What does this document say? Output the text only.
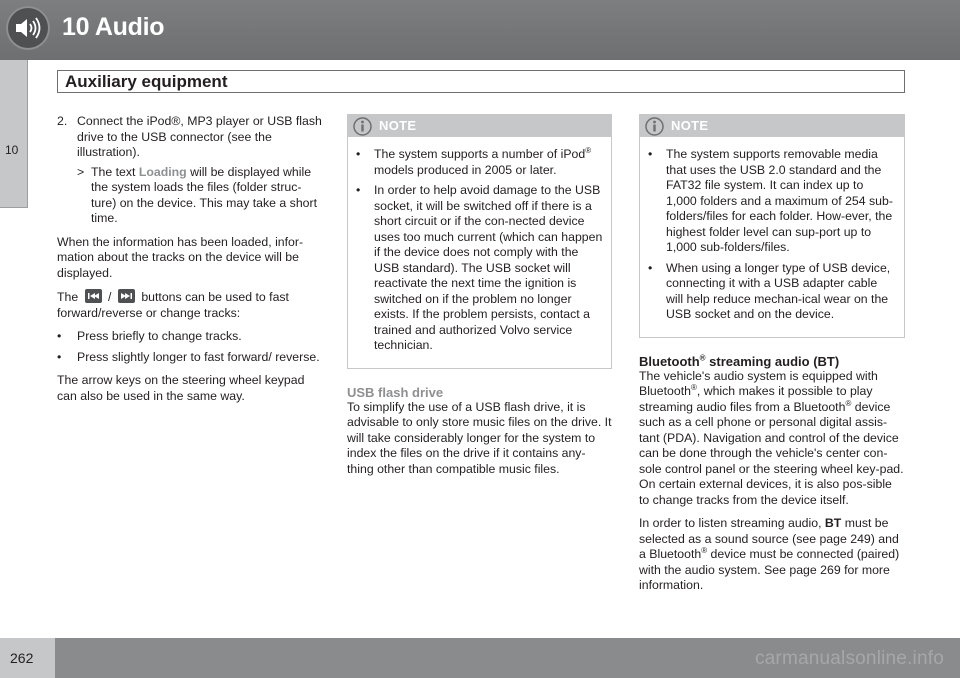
10 Audio
Auxiliary equipment
10
2. Connect the iPod®, MP3 player or USB flash drive to the USB connector (see the illustration).
> The text Loading will be displayed while the system loads the files (folder struc-ture) on the device. This may take a short time.

When the information has been loaded, infor-mation about the tracks on the device will be displayed.

The / buttons can be used to fast forward/reverse or change tracks:

•	Press briefly to change tracks.
•	Press slightly longer to fast forward/ reverse.

The arrow keys on the steering wheel keypad can also be used in the same way.

NOTE
•	The system supports a number of iPod® models produced in 2005 or later.
•	In order to help avoid damage to the USB socket, it will be switched off if there is a short circuit or if the con-nected device uses too much current (which can happen if the device does not comply with the USB standard). The USB socket will reactivate the next time the ignition is switched on if the problem no longer exists. If the problem persists, contact a trained and authorized Volvo service technician.
USB flash drive

To simplify the use of a USB flash drive, it is advisable to only store music files on the drive. It will take considerably longer for the system to index the files on the drive if it contains any-thing other than compatible music files.

NOTE
•	The system supports removable media that uses the USB 2.0 standard and the FAT32 file system. It can index up to 1,000 folders and a maximum of 254 sub-folders/files for each folder. How-ever, the highest folder level can sup-port up to 1,000 sub-folders/files.
•	When using a longer type of USB device, connecting it with a USB adapter cable will help reduce mechan-ical wear on the USB socket and on the device.
Bluetooth® streaming audio (BT)

The vehicle's audio system is equipped with Bluetooth®, which makes it possible to play streaming audio files from a Bluetooth® device such as a cell phone or personal digital assis-tant (PDA). Navigation and control of the device can be done through the vehicle's center con-sole control panel or the steering wheel key-pad. On certain external devices, it is also pos-sible to change tracks from the device itself.

In order to listen streaming audio, BT must be selected as a sound source (see page 249) and a Bluetooth® device must be connected (paired) with the audio system. See page 269 for more information.

262	carmanualsonline.info
